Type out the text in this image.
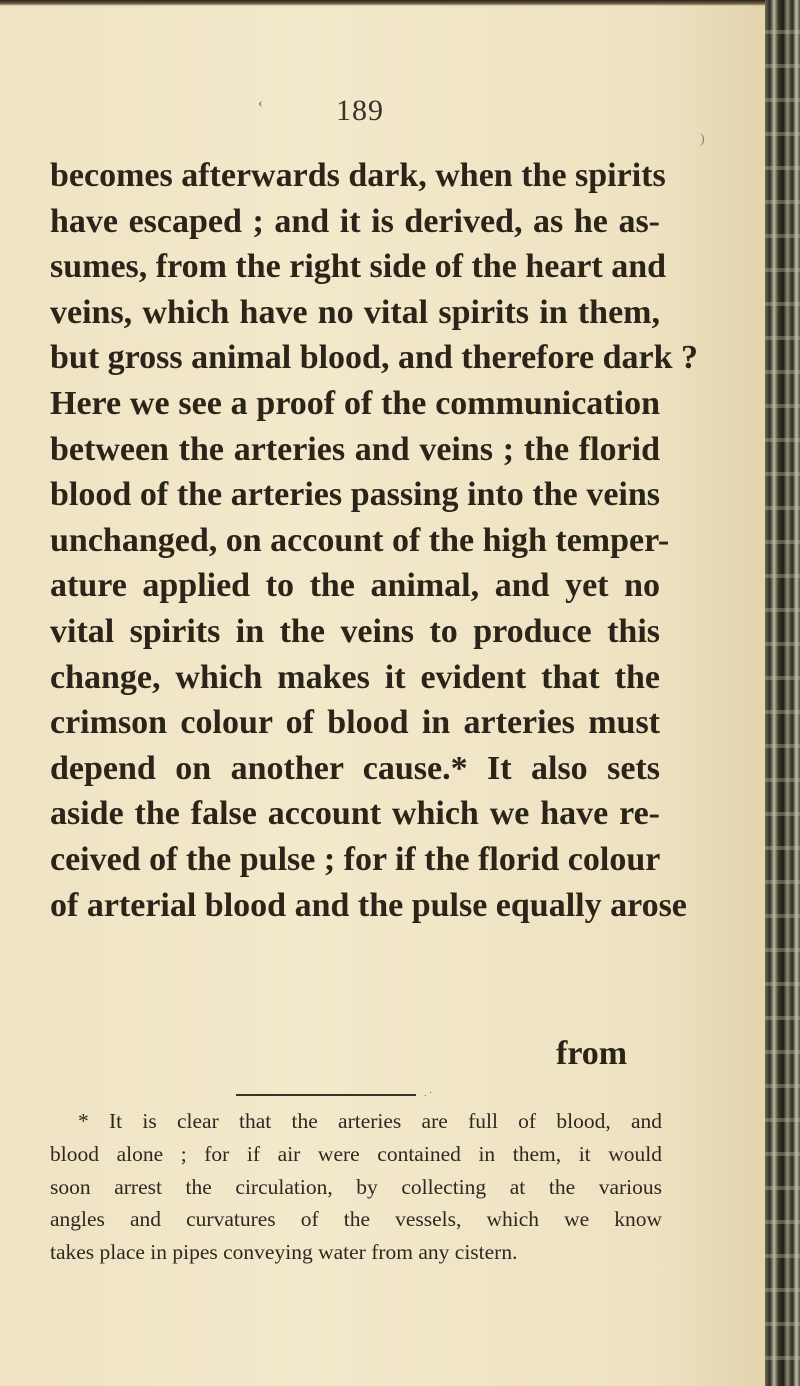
‹
)
189
becomes afterwards dark, when the spirits
have escaped ; and it is derived, as he as-
sumes, from the right side of the heart and
veins, which have no vital spirits in them,
but gross animal blood, and therefore dark ?
Here we see a proof of the communication
between the arteries and veins ; the florid
blood of the arteries passing into the veins
unchanged, on account of the high temper-
ature applied to the animal, and yet no
vital spirits in the veins to produce this
change, which makes it evident that the
crimson colour of blood in arteries must
depend on another cause.* It also sets
aside the false account which we have re-
ceived of the pulse ; for if the florid colour
of arterial blood and the pulse equally arose
from
. ·
* It is clear that the arteries are full of blood, and
blood alone ; for if air were contained in them, it would
soon arrest the circulation, by collecting at the various
angles and curvatures of the vessels, which we know
takes place in pipes conveying water from any cistern.
